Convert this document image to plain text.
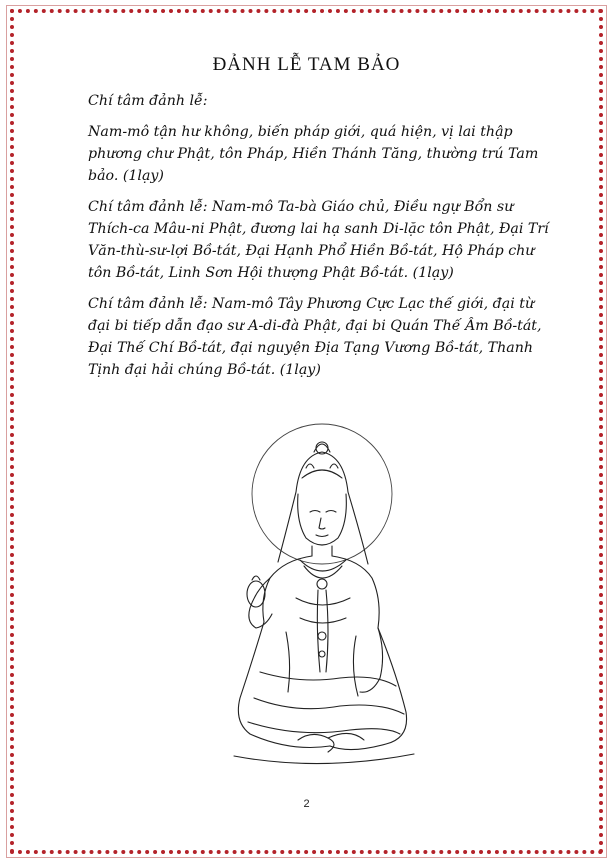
ĐẢNH LỄ TAM BẢO

Chí tâm đảnh lễ:

Nam-mô tận hư không, biến pháp giới, quá hiện, vị lai thập phương chư Phật, tôn Pháp, Hiền Thánh Tăng, thường trú Tam bảo. (1lạy)

Chí tâm đảnh lễ: Nam-mô Ta-bà Giáo chủ, Điều ngự Bổn sư Thích-ca Mâu-ni Phật, đương lai hạ sanh Di-lặc tôn Phật, Đại Trí Văn-thù-sư-lợi Bồ-tát, Đại Hạnh Phổ Hiền Bồ-tát, Hộ Pháp chư tôn Bồ-tát, Linh Sơn Hội thượng Phật Bồ-tát. (1lạy)

Chí tâm đảnh lễ: Nam-mô Tây Phương Cực Lạc thế giới, đại từ đại bi tiếp dẫn đạo sư A-di-đà Phật, đại bi Quán Thế Âm Bồ-tát, Đại Thế Chí Bồ-tát, đại nguyện Địa Tạng Vương Bồ-tát, Thanh Tịnh đại hải chúng Bồ-tát. (1lạy)

2
